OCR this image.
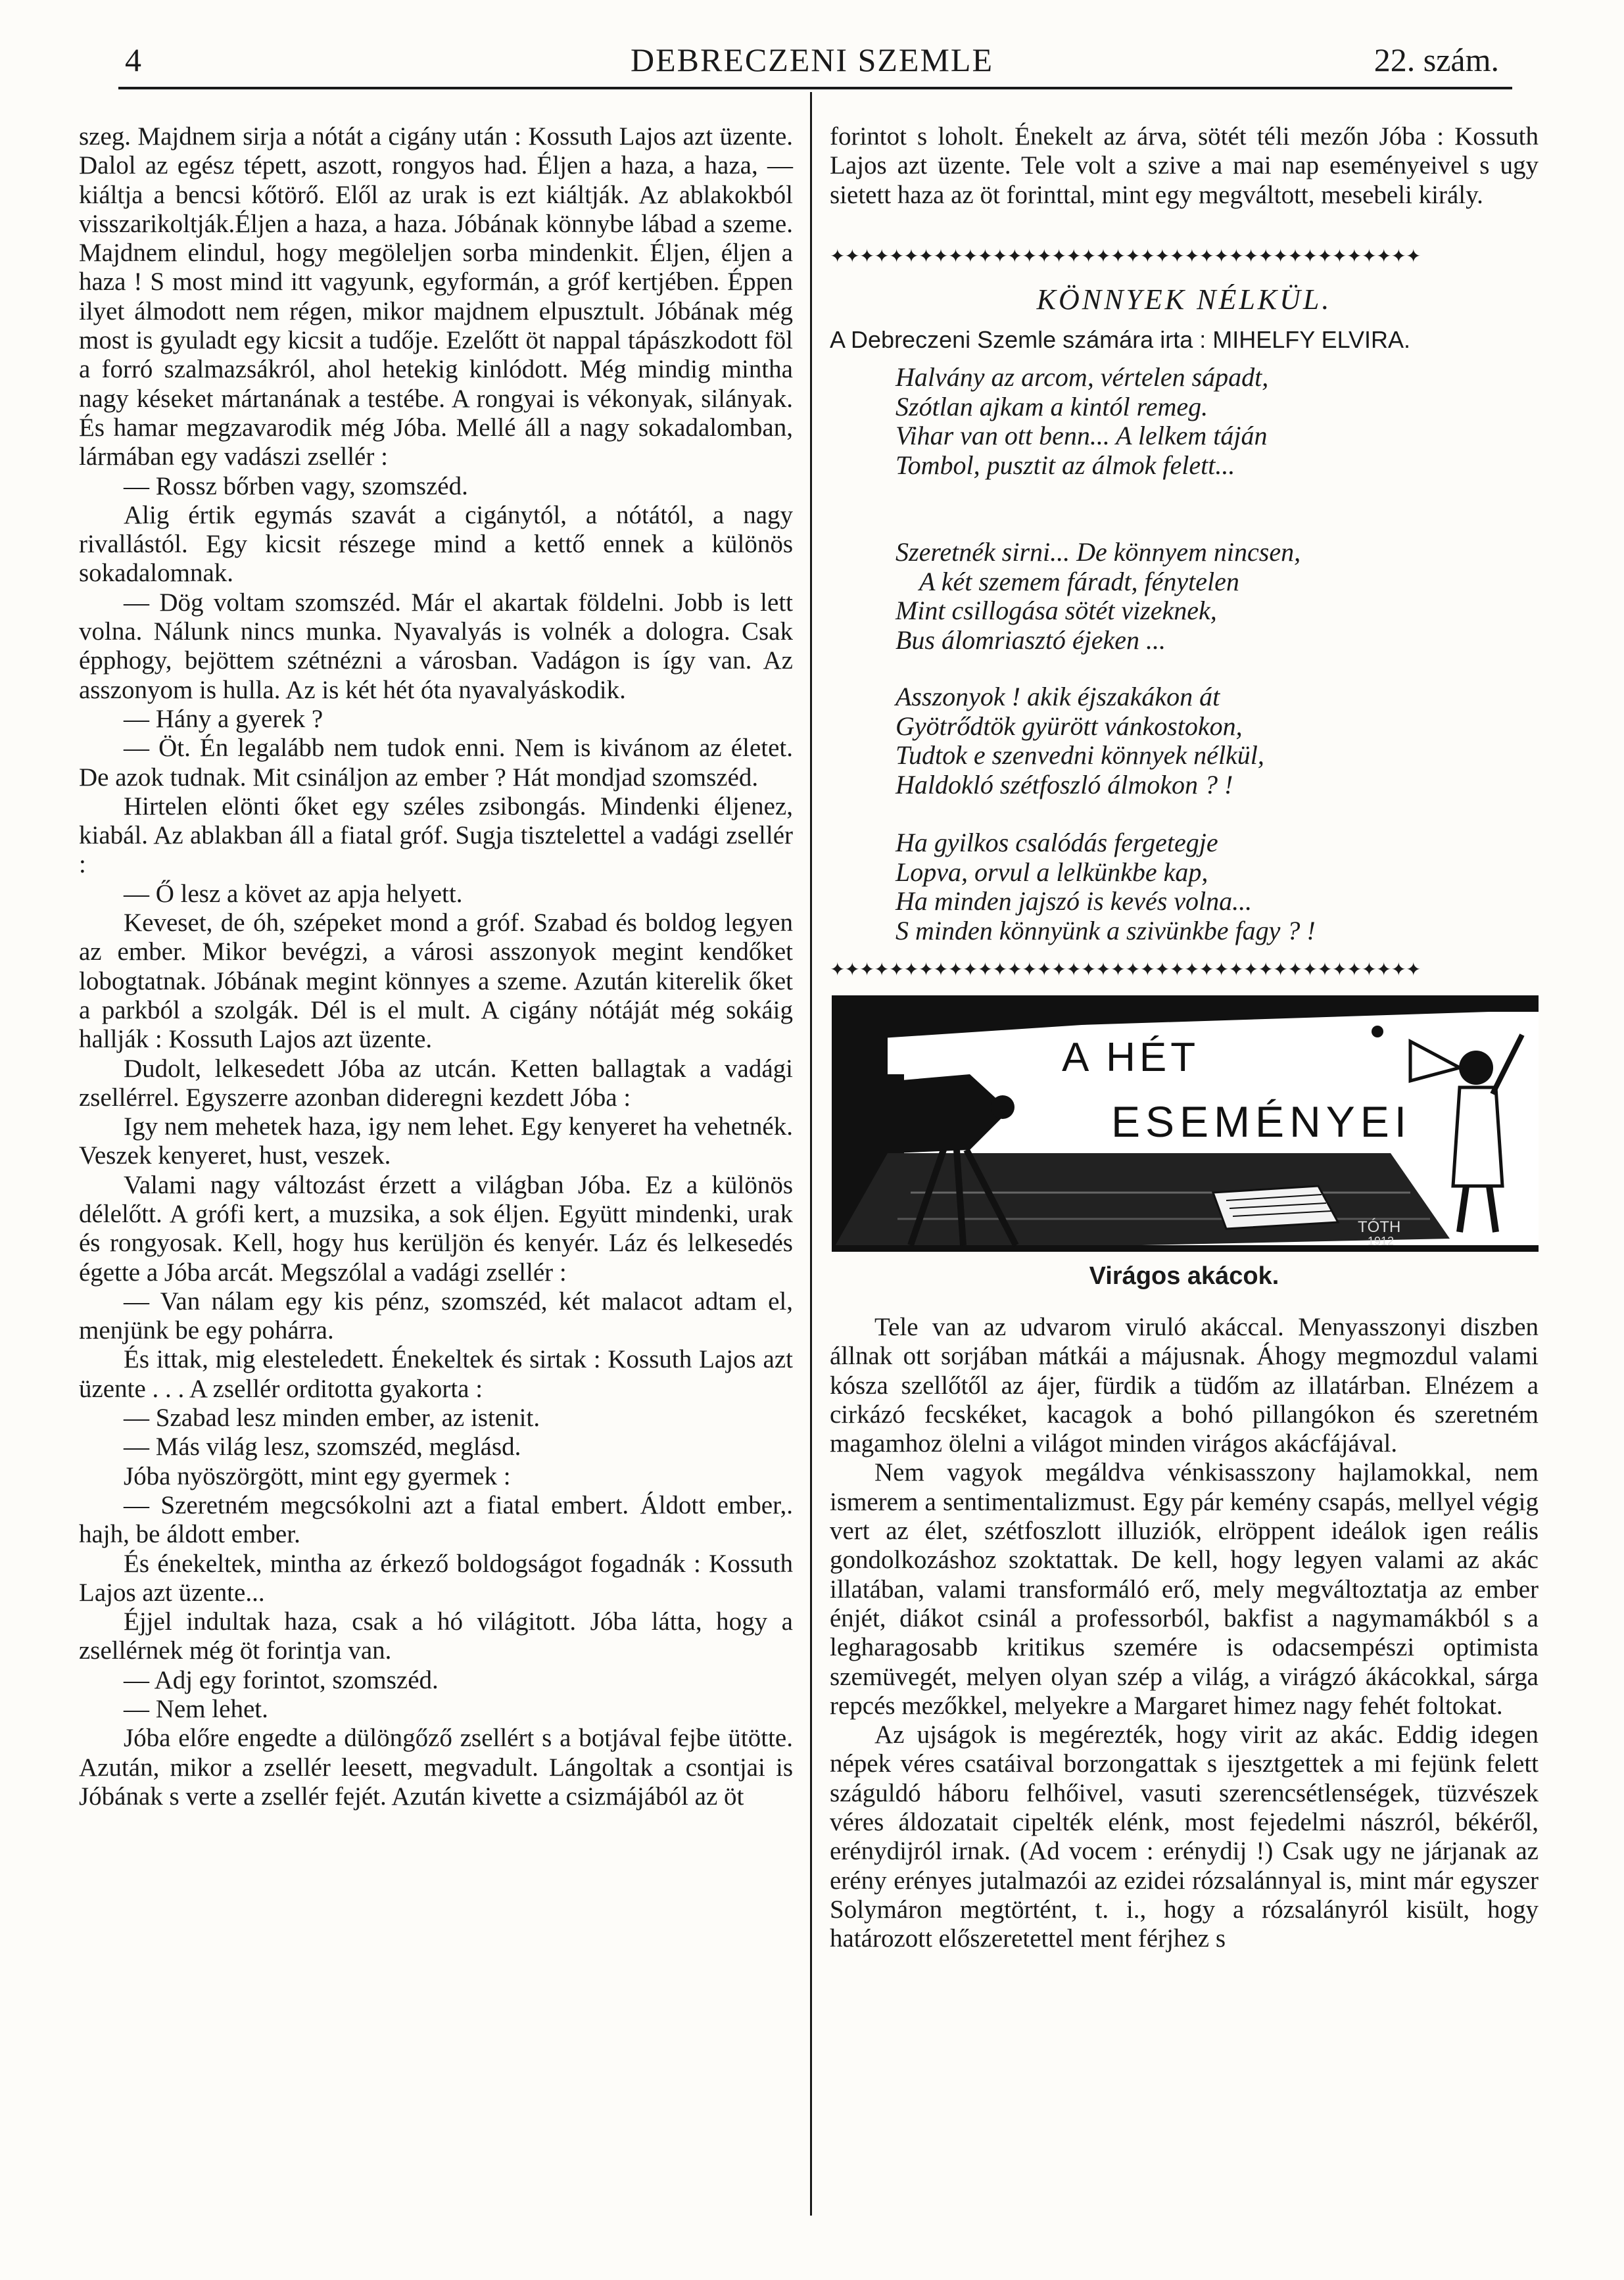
4	DEBRECZENI SZEMLE	22. szám.

szeg. Majdnem sirja a nótát a cigány után : Kossuth Lajos azt üzente. Dalol az egész tépett, aszott, rongyos had. Éljen a haza, a haza, — kiáltja a bencsi kőtörő. Elől az urak is ezt kiáltják. Az ablakokból visszarikoltják.Éljen a haza, a haza. Jóbának könnybe lábad a szeme. Majdnem elindul, hogy megöleljen sorba mindenkit. Éljen, éljen a haza ! S most mind itt vagyunk, egyformán, a gróf kertjében. Éppen ilyet álmodott nem régen, mikor majdnem elpusztult. Jóbának még most is gyuladt egy kicsit a tudője. Ezelőtt öt nappal tápászkodott föl a forró szalmazsákról, ahol hetekig kinlódott. Még mindig mintha nagy késeket mártanának a testébe. A rongyai is vékonyak, silányak. És hamar megzavarodik még Jóba. Mellé áll a nagy sokadalomban, lármában egy vadászi zsellér :

— Rossz bőrben vagy, szomszéd.

Alig értik egymás szavát a cigánytól, a nótától, a nagy rivallástól. Egy kicsit részege mind a kettő ennek a különös sokadalomnak.

— Dög voltam szomszéd. Már el akartak földelni. Jobb is lett volna. Nálunk nincs munka. Nyavalyás is volnék a dologra. Csak épphogy, bejöttem szétnézni a városban. Vadágon is így van. Az asszonyom is hulla. Az is két hét óta nyavalyáskodik.

— Hány a gyerek ?

— Öt. Én legalább nem tudok enni. Nem is kivánom az életet. De azok tudnak. Mit csináljon az ember ? Hát mondjad szomszéd.

Hirtelen elönti őket egy széles zsibongás. Mindenki éljenez, kiabál. Az ablakban áll a fiatal gróf. Sugja tisztelettel a vadági zsellér :

— Ő lesz a követ az apja helyett.

Keveset, de óh, szépeket mond a gróf. Szabad és boldog legyen az ember. Mikor bevégzi, a városi asszonyok megint kendőket lobogtatnak. Jóbának megint könnyes a szeme. Azután kiterelik őket a parkból a szolgák. Dél is el mult. A cigány nótáját még sokáig hallják : Kossuth Lajos azt üzente.

Dudolt, lelkesedett Jóba az utcán. Ketten ballagtak a vadági zsellérrel. Egyszerre azonban dideregni kezdett Jóba :

Igy nem mehetek haza, igy nem lehet. Egy kenyeret ha vehetnék. Veszek kenyeret, hust, veszek.

Valami nagy változást érzett a világban Jóba. Ez a különös délelőtt. A grófi kert, a muzsika, a sok éljen. Együtt mindenki, urak és rongyosak. Kell, hogy hus kerüljön és kenyér. Láz és lelkesedés égette a Jóba arcát. Megszólal a vadági zsellér :

— Van nálam egy kis pénz, szomszéd, két malacot adtam el, menjünk be egy pohárra.

És ittak, mig elesteledett. Énekeltek és sirtak : Kossuth Lajos azt üzente . . . A zsellér orditotta gyakorta :

— Szabad lesz minden ember, az istenit.

— Más világ lesz, szomszéd, meglásd.

Jóba nyöszörgött, mint egy gyermek :

— Szeretném megcsókolni azt a fiatal embert. Áldott ember,. hajh, be áldott ember.

És énekeltek, mintha az érkező boldogságot fogadnák : Kossuth Lajos azt üzente...

Éjjel indultak haza, csak a hó világitott. Jóba látta, hogy a zsellérnek még öt forintja van.

— Adj egy forintot, szomszéd.

— Nem lehet.

Jóba előre engedte a dülöngőző zsellért s a botjával fejbe ütötte. Azután, mikor a zsellér leesett, megvadult. Lángoltak a csontjai is Jóbának s verte a zsellér fejét. Azután kivette a csizmájából az öt

forintot s loholt. Énekelt az árva, sötét téli mezőn Jóba : Kossuth Lajos azt üzente. Tele volt a szive a mai nap eseményeivel s ugy sietett haza az öt forinttal, mint egy megváltott, mesebeli király.

✦✦✦✦✦✦✦✦✦✦✦✦✦✦✦✦✦✦✦✦✦✦✦✦✦✦✦✦✦✦✦✦✦✦✦✦✦✦✦✦
KÖNNYEK NÉLKÜL.
A Debreczeni Szemle számára irta : MIHELFY ELVIRA.
Halvány az arcom, vértelen sápadt,
Szótlan ajkam a kintól remeg.
Vihar van ott benn... A lelkem táján
Tombol, pusztit az álmok felett...
Szeretnék sirni... De könnyem nincsen,
A két szemem fáradt, fénytelen
Mint csillogása sötét vizeknek,
Bus álomriasztó éjeken ...
Asszonyok ! akik éjszakákon át
Gyötrődtök gyürött vánkostokon,
Tudtok e szenvedni könnyek nélkül,
Haldokló szétfoszló álmokon ? !
Ha gyilkos csalódás fergetegje
Lopva, orvul a lelkünkbe kap,
Ha minden jajszó is kevés volna...
S minden könnyünk a szivünkbe fagy ? !
✦✦✦✦✦✦✦✦✦✦✦✦✦✦✦✦✦✦✦✦✦✦✦✦✦✦✦✦✦✦✦✦✦✦✦✦✦✦✦✦
A HÉT
ESEMÉNYEI
TÓTH
1912
Virágos akácok.

Tele van az udvarom viruló akáccal. Menyasszonyi diszben állnak ott sorjában mátkái a májusnak. Áhogy megmozdul valami kósza szellőtől az ájer, fürdik a tüdőm az illatárban. Elnézem a cirkázó fecskéket, kacagok a bohó pillangókon és szeretném magamhoz ölelni a világot minden virágos akácfájával.

Nem vagyok megáldva vénkisasszony hajlamokkal, nem ismerem a sentimentalizmust. Egy pár kemény csapás, mellyel végig vert az élet, szétfoszlott illuziók, elröppent ideálok igen reális gondolkozáshoz szoktattak. De kell, hogy legyen valami az akác illatában, valami transformáló erő, mely megváltoztatja az ember énjét, diákot csinál a professorból, bakfist a nagymamákból s a legharagosabb kritikus szemére is odacsempészi optimista szemüvegét, melyen olyan szép a világ, a virágzó ákácokkal, sárga repcés mezőkkel, melyekre a Margaret himez nagy fehét foltokat.

Az ujságok is megérezték, hogy virit az akác. Eddig idegen népek véres csatáival borzongattak s ijesztgettek a mi fejünk felett száguldó háboru felhőivel, vasuti szerencsétlenségek, tüzvészek véres áldozatait cipelték elénk, most fejedelmi nászról, békéről, erénydijról irnak. (Ad vocem : erénydij !) Csak ugy ne járjanak az erény erényes jutalmazói az ezidei rózsalánnyal is, mint már egyszer Solymáron megtörtént, t. i., hogy a rózsalányról kisült, hogy határozott előszeretettel ment férjhez s
